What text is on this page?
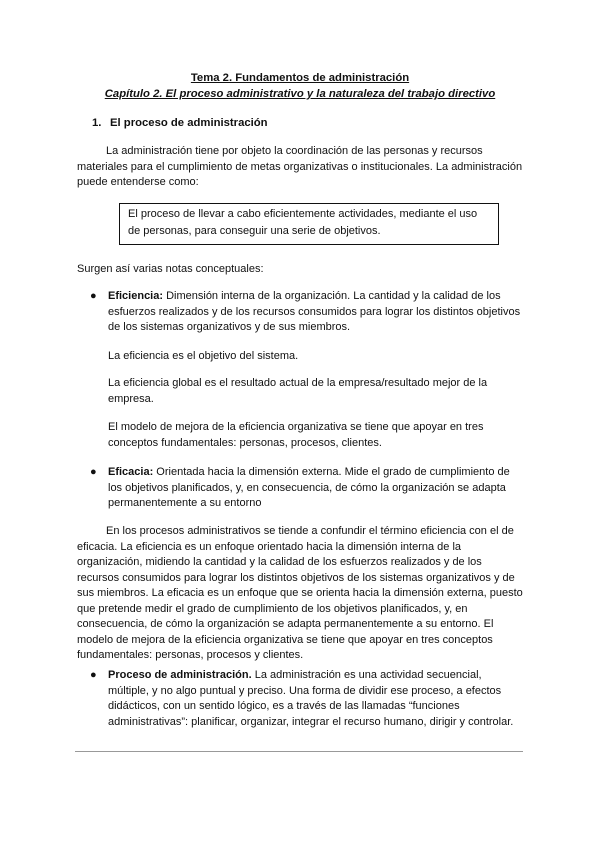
Tema 2. Fundamentos de administración
Capítulo 2. El proceso administrativo y la naturaleza del trabajo directivo
1. El proceso de administración

La administración tiene por objeto la coordinación de las personas y recursos materiales para el cumplimiento de metas organizativas o institucionales. La administración puede entenderse como:

El proceso de llevar a cabo eficientemente actividades, mediante el uso de personas, para conseguir una serie de objetivos.

Surgen así varias notas conceptuales:

●	Eficiencia: Dimensión interna de la organización. La cantidad y la calidad de los esfuerzos realizados y de los recursos consumidos para lograr los distintos objetivos de los sistemas organizativos y de sus miembros.

La eficiencia es el objetivo del sistema.

La eficiencia global es el resultado actual de la empresa/resultado mejor de la empresa.

El modelo de mejora de la eficiencia organizativa se tiene que apoyar en tres conceptos fundamentales: personas, procesos, clientes.

●	Eficacia: Orientada hacia la dimensión externa. Mide el grado de cumplimiento de los objetivos planificados, y, en consecuencia, de cómo la organización se adapta permanentemente a su entorno

En los procesos administrativos se tiende a confundir el término eficiencia con el de eficacia. La eficiencia es un enfoque orientado hacia la dimensión interna de la organización, midiendo la cantidad y la calidad de los esfuerzos realizados y de los recursos consumidos para lograr los distintos objetivos de los sistemas organizativos y de sus miembros. La eficacia es un enfoque que se orienta hacia la dimensión externa, puesto que pretende medir el grado de cumplimiento de los objetivos planificados, y, en consecuencia, de cómo la organización se adapta permanentemente a su entorno. El modelo de mejora de la eficiencia organizativa se tiene que apoyar en tres conceptos fundamentales: personas, procesos y clientes.

●	Proceso de administración. La administración es una actividad secuencial, múltiple, y no algo puntual y preciso. Una forma de dividir ese proceso, a efectos didácticos, con un sentido lógico, es a través de las llamadas “funciones administrativas”: planificar, organizar, integrar el recurso humano, dirigir y controlar.
